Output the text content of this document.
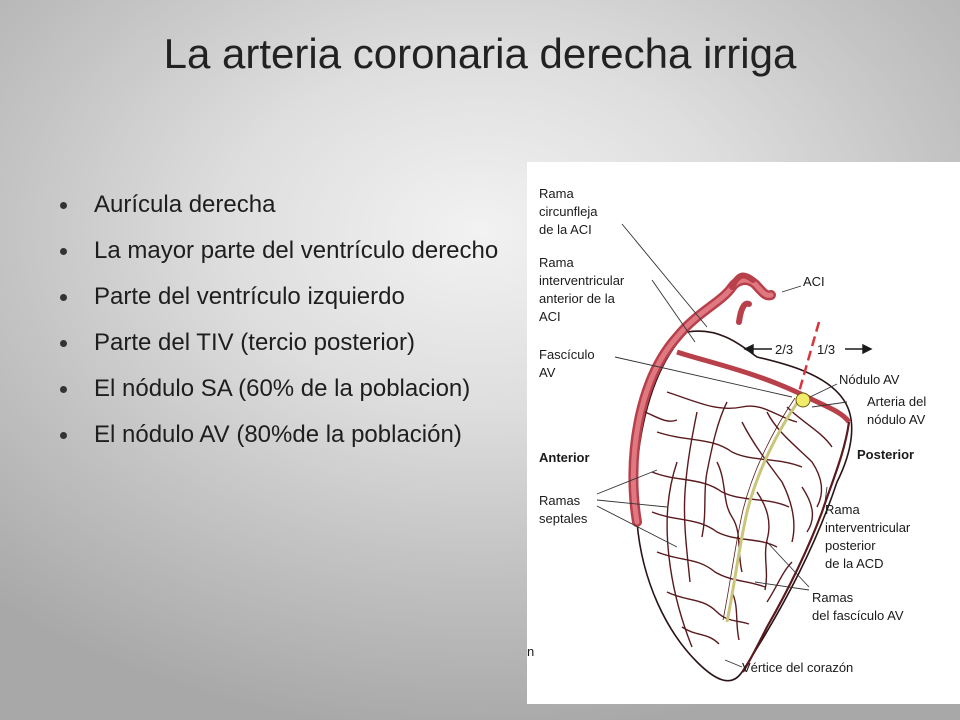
La arteria coronaria derecha irriga
Aurícula derecha
La mayor parte del ventrículo derecho
Parte del ventrículo izquierdo
Parte del TIV (tercio posterior)
El nódulo SA (60% de la poblacion)
El nódulo AV (80%de la población)
Rama circunfleja de la ACI
Rama interventricular anterior de la ACI
ACI
Fascículo AV
2/3 1/3
Nódulo AV
Arteria del nódulo AV
Anterior	Posterior
Ramas septales
Rama interventricular posterior de la ACD
Ramas del fascículo AV
Vértice del corazón
n
